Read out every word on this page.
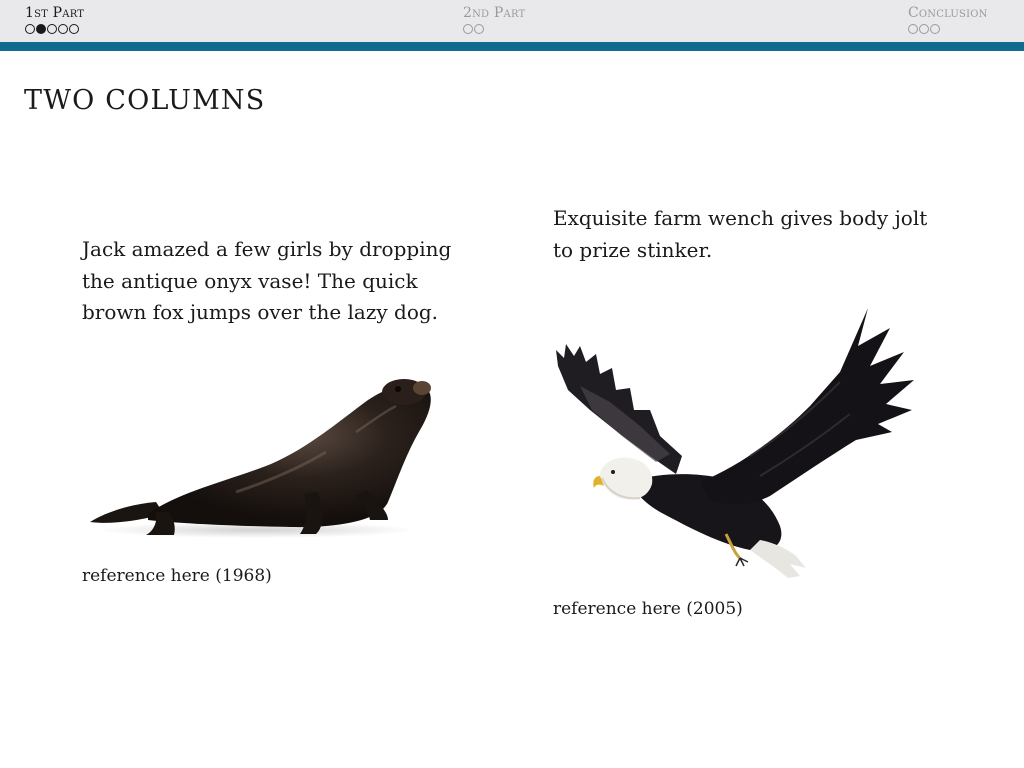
1st Part	2nd Part	Conclusion
TWO COLUMNS

Jack amazed a few girls by dropping the antique onyx vase! The quick brown fox jumps over the lazy dog.

reference here (1968)

Exquisite farm wench gives body jolt to prize stinker.

reference here (2005)
